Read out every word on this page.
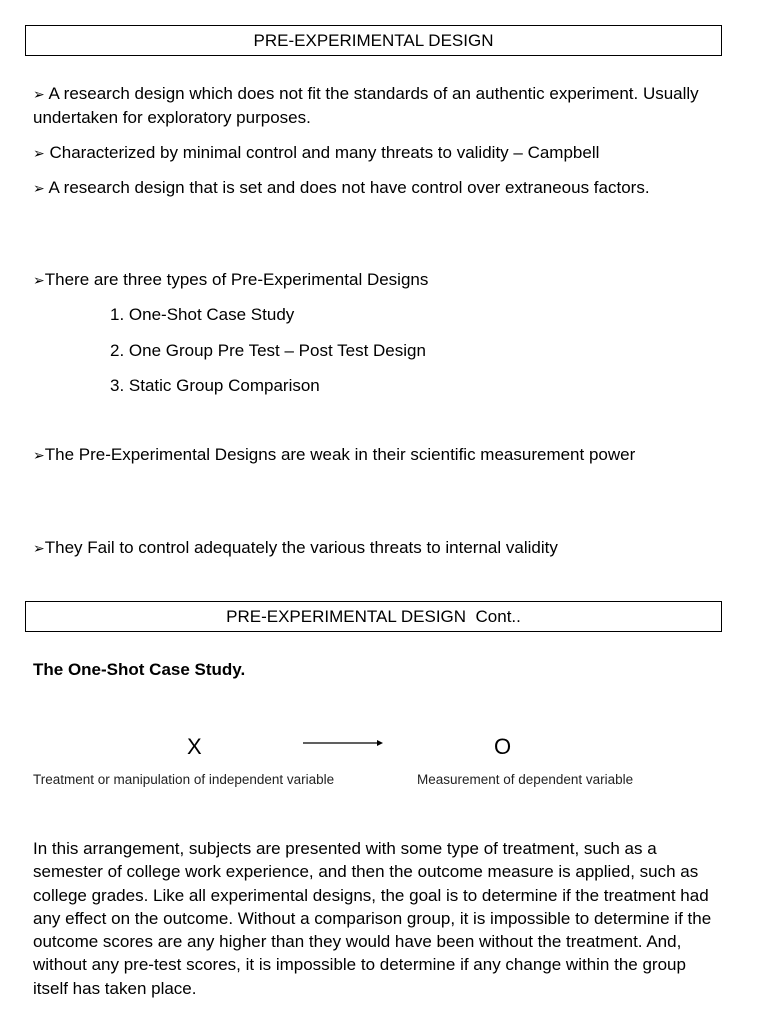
PRE-EXPERIMENTAL DESIGN

➢ A research design which does not fit the standards of an authentic experiment. Usually undertaken for exploratory purposes.

➢ Characterized by minimal control and many threats to validity – Campbell

➢ A research design that is set and does not have control over extraneous factors.

➢There are three types of Pre-Experimental Designs

1. One-Shot Case Study
2. One Group Pre Test – Post Test Design
3. Static Group Comparison

➢The Pre-Experimental Designs are weak in their scientific measurement power

➢They Fail to control adequately the various threats to internal validity

PRE-EXPERIMENTAL DESIGN  Cont..
The One-Shot Case Study.
X	O
Treatment or manipulation of independent variable	Measurement of dependent variable

In this arrangement, subjects are presented with some type of treatment, such as a semester of college work experience, and then the outcome measure is applied, such as college grades. Like all experimental designs, the goal is to determine if the treatment had any effect on the outcome. Without a comparison group, it is impossible to determine if the outcome scores are any higher than they would have been without the treatment. And, without any pre-test scores, it is impossible to determine if any change within the group itself has taken place.
